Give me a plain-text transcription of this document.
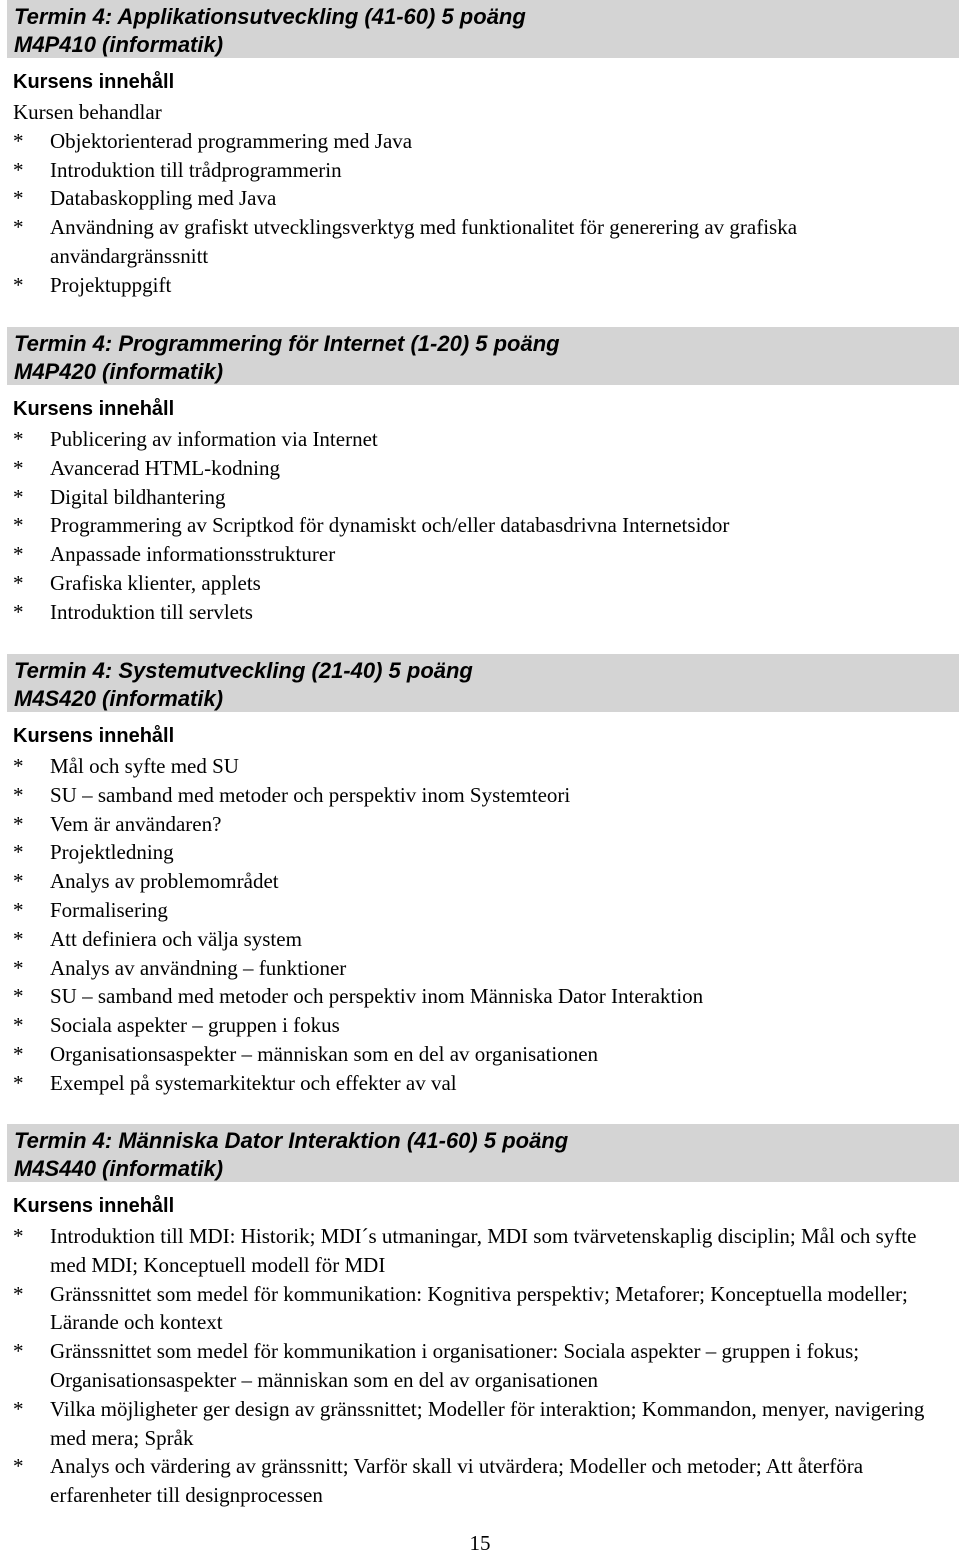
Termin 4: Applikationsutveckling (41-60) 5 poäng
M4P410 (informatik)
Kursens innehåll
Kursen behandlar
* Objektorienterad programmering med Java
* Introduktion till trådprogrammerin
* Databaskoppling med Java
* Användning av grafiskt utvecklingsverktyg med funktionalitet för generering av grafiska användargränssnitt
* Projektuppgift
Termin 4: Programmering för Internet (1-20) 5 poäng
M4P420 (informatik)
Kursens innehåll
* Publicering av information via Internet
* Avancerad HTML-kodning
* Digital bildhantering
* Programmering av Scriptkod för dynamiskt och/eller databasdrivna Internetsidor
* Anpassade informationsstrukturer
* Grafiska klienter, applets
* Introduktion till servlets
Termin 4: Systemutveckling (21-40) 5 poäng
M4S420 (informatik)
Kursens innehåll
* Mål och syfte med SU
* SU – samband med metoder och perspektiv inom Systemteori
* Vem är användaren?
* Projektledning
* Analys av problemområdet
* Formalisering
* Att definiera och välja system
* Analys av användning – funktioner
* SU – samband med metoder och perspektiv inom Människa Dator Interaktion
* Sociala aspekter – gruppen i fokus
* Organisationsaspekter – människan som en del av organisationen
* Exempel på systemarkitektur och effekter av val
Termin 4: Människa Dator Interaktion (41-60) 5 poäng
M4S440 (informatik)
Kursens innehåll
* Introduktion till MDI: Historik; MDI´s utmaningar, MDI som tvärvetenskaplig disciplin; Mål och syfte med MDI; Konceptuell modell för MDI
* Gränssnittet som medel för kommunikation: Kognitiva perspektiv; Metaforer; Konceptuella modeller; Lärande och kontext
* Gränssnittet som medel för kommunikation i organisationer: Sociala aspekter – gruppen i fokus; Organisationsaspekter – människan som en del av organisationen
* Vilka möjligheter ger design av gränssnittet; Modeller för interaktion; Kommandon, menyer, navigering med mera; Språk
* Analys och värdering av gränssnitt; Varför skall vi utvärdera; Modeller och metoder; Att återföra erfarenheter till designprocessen
15
